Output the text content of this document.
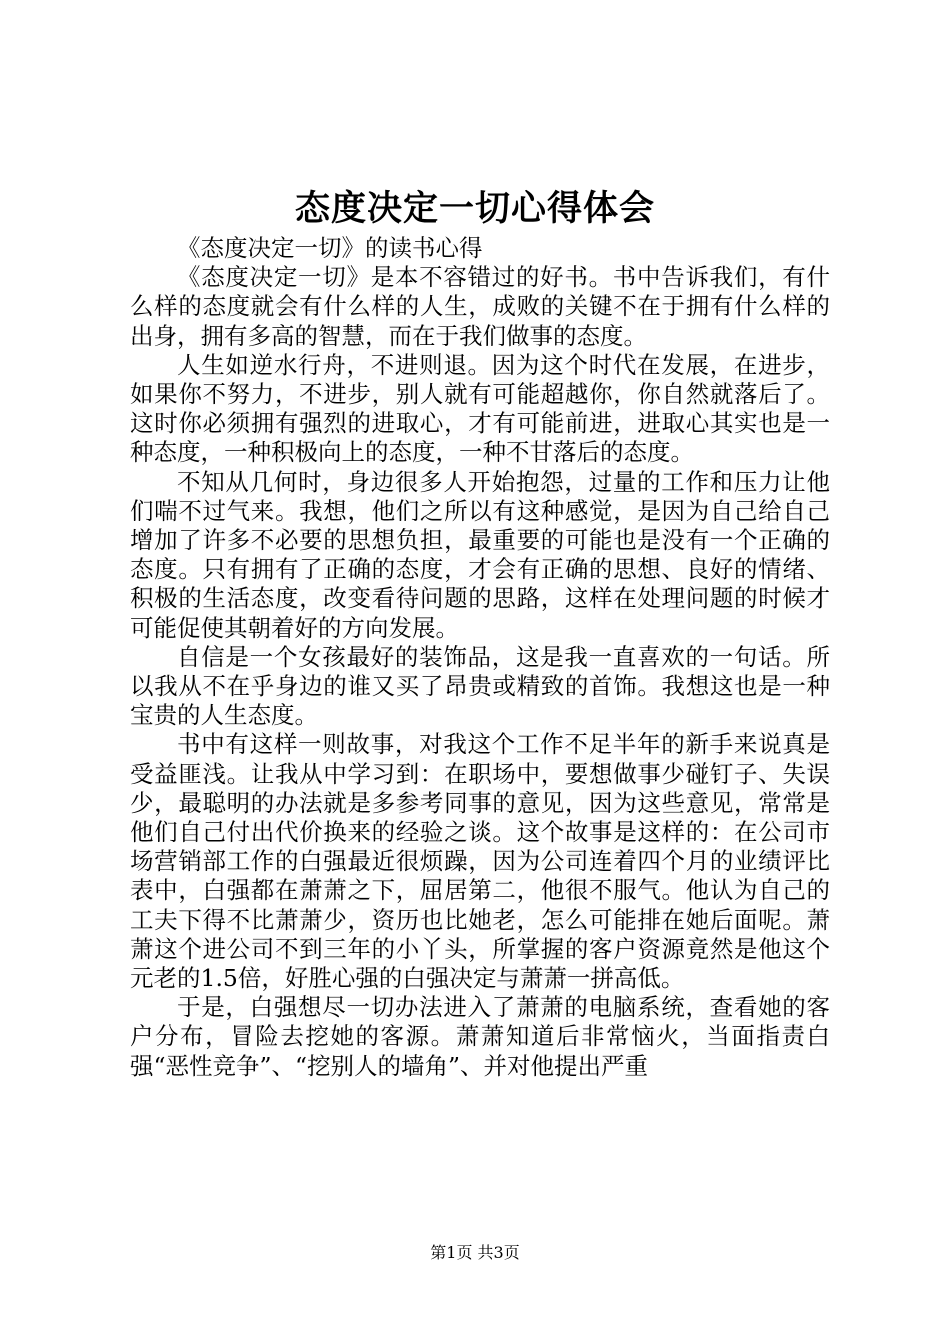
态度决定一切心得体会

《态度决定一切》的读书心得

《态度决定一切》是本不容错过的好书。书中告诉我们，有什么样的态度就会有什么样的人生，成败的关键不在于拥有什么样的出身，拥有多高的智慧，而在于我们做事的态度。

人生如逆水行舟，不进则退。因为这个时代在发展，在进步，如果你不努力，不进步，别人就有可能超越你，你自然就落后了。这时你必须拥有强烈的进取心，才有可能前进，进取心其实也是一种态度，一种积极向上的态度，一种不甘落后的态度。

不知从几何时，身边很多人开始抱怨，过量的工作和压力让他们喘不过气来。我想，他们之所以有这种感觉，是因为自己给自己增加了许多不必要的思想负担，最重要的可能也是没有一个正确的态度。只有拥有了正确的态度，才会有正确的思想、良好的情绪、积极的生活态度，改变看待问题的思路，这样在处理问题的时候才可能促使其朝着好的方向发展。

自信是一个女孩最好的装饰品，这是我一直喜欢的一句话。所以我从不在乎身边的谁又买了昂贵或精致的首饰。我想这也是一种宝贵的人生态度。

书中有这样一则故事，对我这个工作不足半年的新手来说真是受益匪浅。让我从中学习到：在职场中，要想做事少碰钉子、失误少，最聪明的办法就是多参考同事的意见，因为这些意见，常常是他们自己付出代价换来的经验之谈。这个故事是这样的：在公司市场营销部工作的白强最近很烦躁，因为公司连着四个月的业绩评比表中，白强都在萧萧之下，屈居第二，他很不服气。他认为自己的工夫下得不比萧萧少，资历也比她老，怎么可能排在她后面呢。萧萧这个进公司不到三年的小丫头，所掌握的客户资源竟然是他这个元老的1.5倍，好胜心强的白强决定与萧萧一拼高低。

于是，白强想尽一切办法进入了萧萧的电脑系统，查看她的客户分布，冒险去挖她的客源。萧萧知道后非常恼火，当面指责白强“恶性竞争”、“挖别人的墙角”、并对他提出严重

第1页 共3页
